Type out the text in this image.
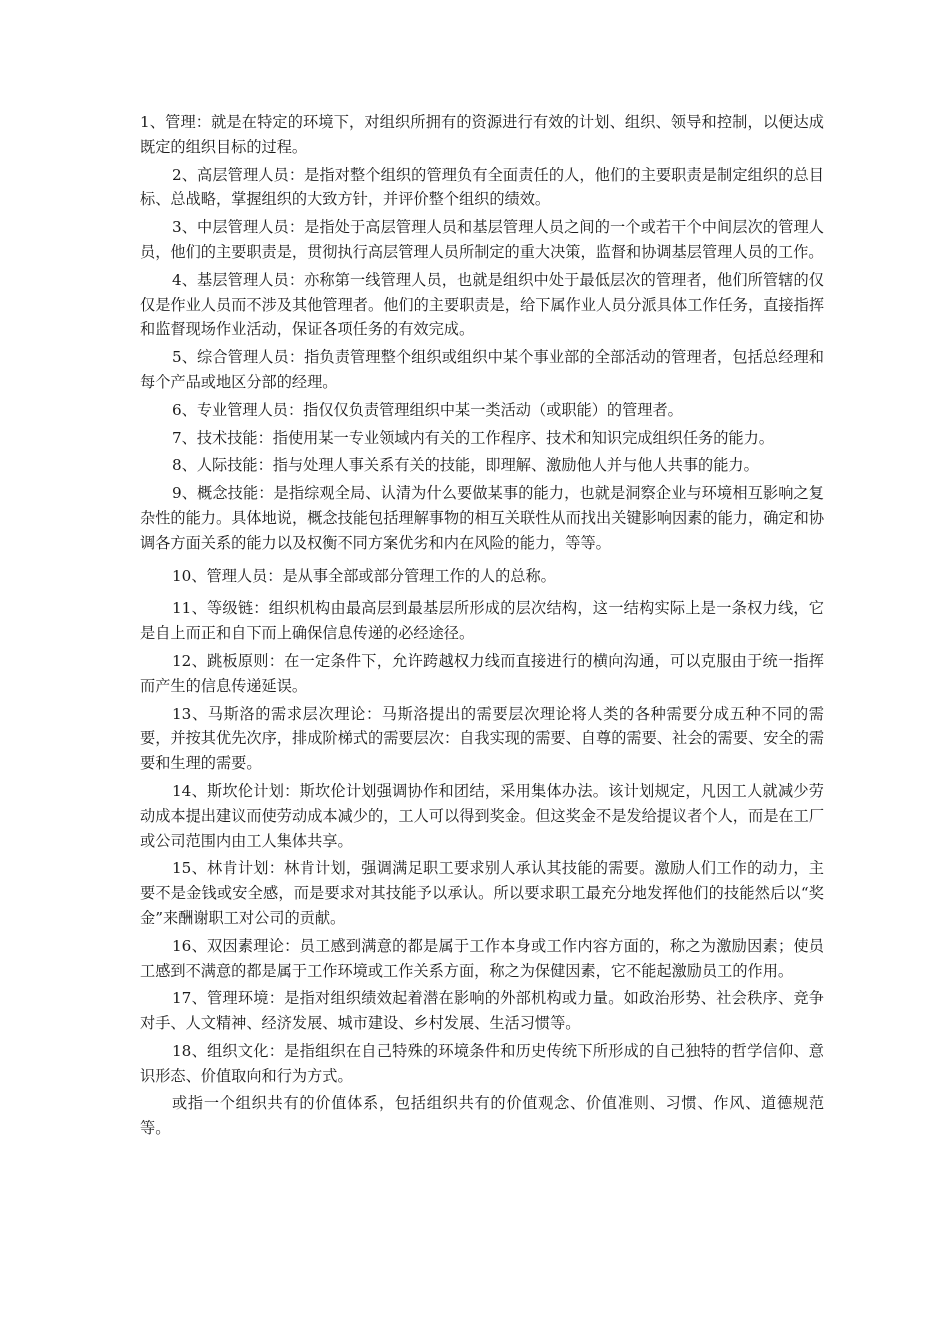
1、管理：就是在特定的环境下，对组织所拥有的资源进行有效的计划、组织、领导和控制，以便达成既定的组织目标的过程。

2、高层管理人员：是指对整个组织的管理负有全面责任的人，他们的主要职责是制定组织的总目标、总战略，掌握组织的大致方针，并评价整个组织的绩效。

3、中层管理人员：是指处于高层管理人员和基层管理人员之间的一个或若干个中间层次的管理人员，他们的主要职责是，贯彻执行高层管理人员所制定的重大决策，监督和协调基层管理人员的工作。

4、基层管理人员：亦称第一线管理人员，也就是组织中处于最低层次的管理者，他们所管辖的仅仅是作业人员而不涉及其他管理者。他们的主要职责是，给下属作业人员分派具体工作任务，直接指挥和监督现场作业活动，保证各项任务的有效完成。

5、综合管理人员：指负责管理整个组织或组织中某个事业部的全部活动的管理者，包括总经理和每个产品或地区分部的经理。

6、专业管理人员：指仅仅负责管理组织中某一类活动（或职能）的管理者。

7、技术技能：指使用某一专业领域内有关的工作程序、技术和知识完成组织任务的能力。

8、人际技能：指与处理人事关系有关的技能，即理解、激励他人并与他人共事的能力。

9、概念技能：是指综观全局、认清为什么要做某事的能力，也就是洞察企业与环境相互影响之复杂性的能力。具体地说，概念技能包括理解事物的相互关联性从而找出关键影响因素的能力，确定和协调各方面关系的能力以及权衡不同方案优劣和内在风险的能力，等等。

10、管理人员：是从事全部或部分管理工作的人的总称。

11、等级链：组织机构由最高层到最基层所形成的层次结构，这一结构实际上是一条权力线，它是自上而正和自下而上确保信息传递的必经途径。

12、跳板原则：在一定条件下，允许跨越权力线而直接进行的横向沟通，可以克服由于统一指挥而产生的信息传递延误。

13、马斯洛的需求层次理论：马斯洛提出的需要层次理论将人类的各种需要分成五种不同的需要，并按其优先次序，排成阶梯式的需要层次：自我实现的需要、自尊的需要、社会的需要、安全的需要和生理的需要。

14、斯坎伦计划：斯坎伦计划强调协作和团结，采用集体办法。该计划规定，凡因工人就减少劳动成本提出建议而使劳动成本减少的，工人可以得到奖金。但这奖金不是发给提议者个人，而是在工厂或公司范围内由工人集体共享。

15、林肯计划：林肯计划，强调满足职工要求别人承认其技能的需要。激励人们工作的动力，主要不是金钱或安全感，而是要求对其技能予以承认。所以要求职工最充分地发挥他们的技能然后以“奖金”来酬谢职工对公司的贡献。

16、双因素理论：员工感到满意的都是属于工作本身或工作内容方面的，称之为激励因素；使员工感到不满意的都是属于工作环境或工作关系方面，称之为保健因素，它不能起激励员工的作用。

17、管理环境：是指对组织绩效起着潜在影响的外部机构或力量。如政治形势、社会秩序、竞争对手、人文精神、经济发展、城市建设、乡村发展、生活习惯等。

18、组织文化：是指组织在自己特殊的环境条件和历史传统下所形成的自己独特的哲学信仰、意识形态、价值取向和行为方式。

或指一个组织共有的价值体系，包括组织共有的价值观念、价值准则、习惯、作风、道德规范等。
